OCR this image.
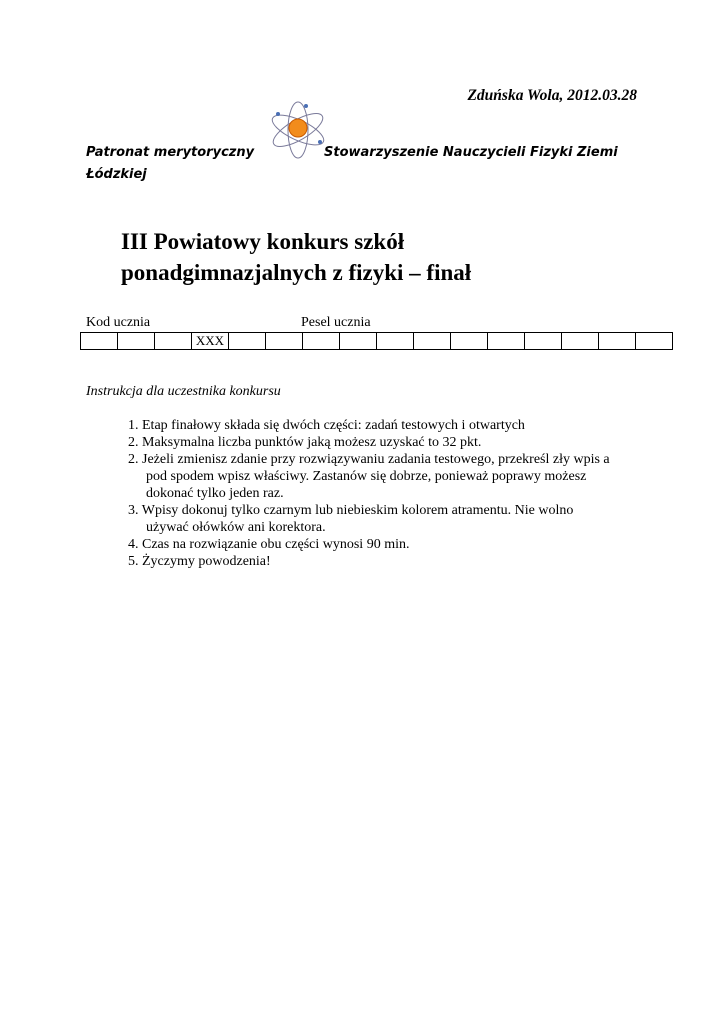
Zduńska Wola, 2012.03.28
Patronat merytoryczny	Stowarzyszenie Nauczycieli Fizyki Ziemi
Łódzkiej
III Powiatowy konkurs szkół
ponadgimnazjalnych z fizyki – finał
Kod ucznia	Pesel ucznia
			XXX												
Instrukcja dla uczestnika konkursu
1. Etap finałowy składa się dwóch części: zadań testowych i otwartych
2. Maksymalna liczba punktów jaką możesz uzyskać to 32 pkt.
2. Jeżeli zmienisz zdanie przy rozwiązywaniu zadania testowego, przekreśl zły wpis a
pod spodem wpisz właściwy. Zastanów się dobrze, ponieważ poprawy możesz
dokonać tylko jeden raz.
3. Wpisy dokonuj tylko czarnym lub niebieskim kolorem atramentu. Nie wolno
używać ołówków ani korektora.
4. Czas na rozwiązanie obu części wynosi 90 min.
5. Życzymy powodzenia!
